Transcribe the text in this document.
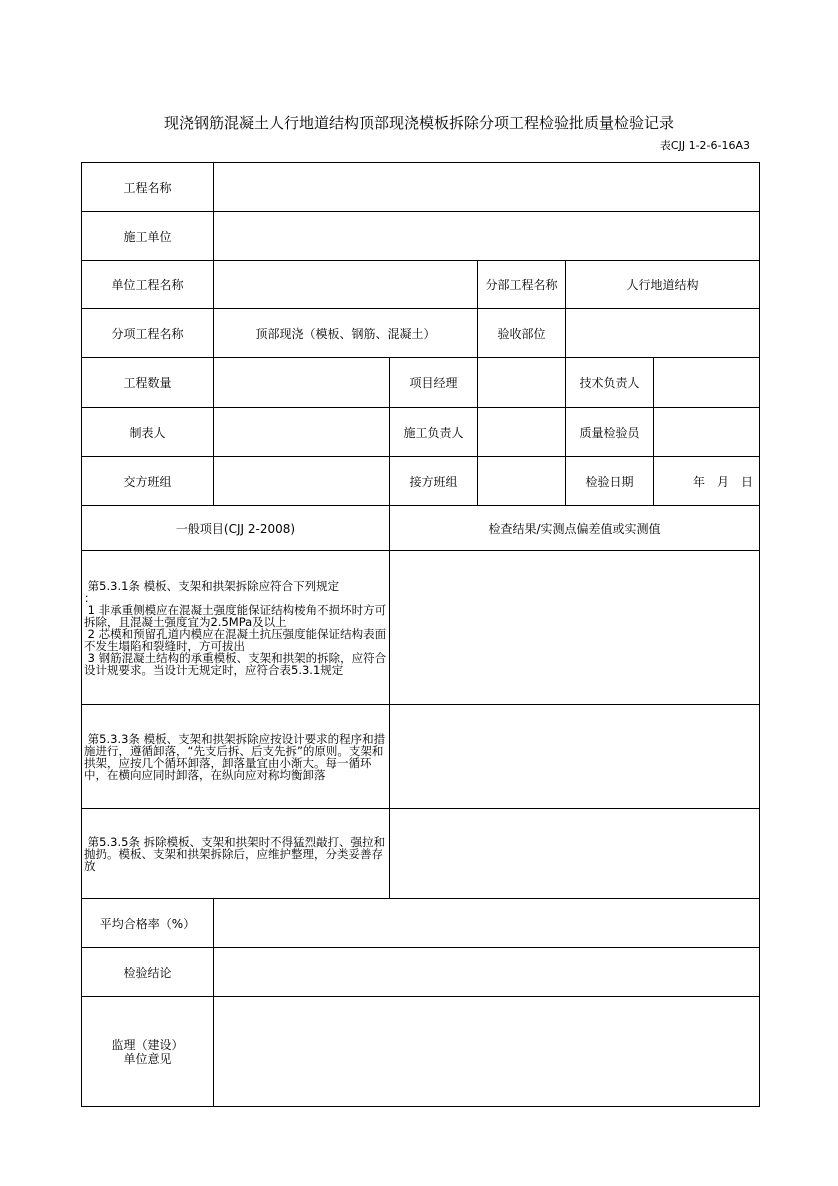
现浇钢筋混凝土人行地道结构顶部现浇模板拆除分项工程检验批质量检验记录
表CJJ 1-2-6-16A3
工程名称					
施工单位					
单位工程名称			分部工程名称	人行地道结构	
分项工程名称	顶部现浇（模板、钢筋、混凝土）		验收部位		
工程数量		项目经理		技术负责人	
制表人		施工负责人		质量检验员	
交方班组		接方班组		检验日期	年　月　日
一般项目(CJJ 2-2008)		检查结果/实测点偏差值或实测值			
第5.3.1条 模板、支架和拱架拆除应符合下列规定
：
1 非承重侧模应在混凝土强度能保证结构棱角不损坏时方可拆除，且混凝土强度宜为2.5MPa及以上
2 芯模和预留孔道内模应在混凝土抗压强度能保证结构表面不发生塌陷和裂缝时，方可拔出
3 钢筋混凝土结构的承重模板、支架和拱架的拆除，应符合设计规要求。当设计无规定时，应符合表5.3.1规定					
第5.3.3条 模板、支架和拱架拆除应按设计要求的程序和措施进行，遵循卸落，“先支后拆、后支先拆”的原则。支架和拱架，应按几个循环卸落，卸落量宜由小渐大。每一循环中，在横向应同时卸落，在纵向应对称均衡卸落					
第5.3.5条 拆除模板、支架和拱架时不得猛烈敲打、强拉和抛扔。模板、支架和拱架拆除后，应维护整理，分类妥善存放					
平均合格率（%）					
检验结论					
监理（建设）
单位意见					
